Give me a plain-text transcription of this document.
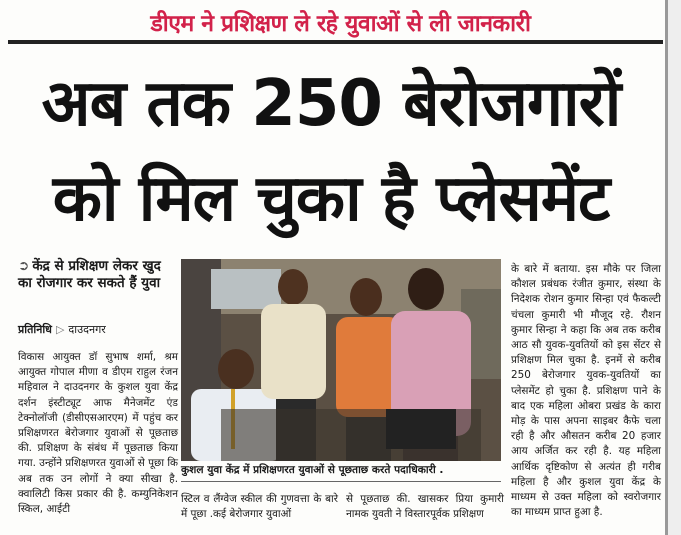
डीएम ने प्रशिक्षण ले रहे युवाओं से ली जानकारी
अब तक 250 बेरोजगारों
को मिल चुका है प्लेसमेंट
➲ केंद्र से प्रशिक्षण लेकर खुद का रोजगार कर सकते हैं युवा
प्रतिनिधि ▷ दाउदनगर
विकास आयुक्त डॉ सुभाष शर्मा, श्रम आयुक्त गोपाल मीणा व डीएम राहुल रंजन महिवाल ने दाउदनगर के कुशल युवा केंद्र दर्शन इंस्टीट्यूट आफ मैनेजमेंट एंड टेक्नोलॉजी (डीसीएसआरएम) में पहुंच कर प्रशिक्षणरत बेरोजगार युवाओं से पूछताछ की. प्रशिक्षण के संबंध में पूछताछ किया गया. उन्होंने प्रशिक्षणरत युवाओं से पूछा कि अब तक उन लोगों ने क्या सीखा है. क्वालिटी किस प्रकार की है. कम्युनिकेशन स्किल, आईटी
कुशल युवा केंद्र में प्रशिक्षणरत युवाओं से पूछताछ करते पदाधिकारी .
स्टिल व लैंग्वेज स्कील की गुणवत्ता के बारे में पूछा .कई बेरोजगार युवाओं
से पूछताछ की. खासकर प्रिया कुमारी नामक युवती ने विस्तारपूर्वक प्रशिक्षण
के बारे में बताया. इस मौके पर जिला कौशल प्रबंधक रंजीत कुमार, संस्था के निदेशक रोशन कुमार सिन्हा एवं फैकल्टी चंचला कुमारी भी मौजूद रहे. रौशन कुमार सिन्हा ने कहा कि अब तक करीब आठ सौ युवक-युवतियों को इस सेंटर से प्रशिक्षण मिल चुका है. इनमें से करीब 250 बेरोजगार युवक-युवतियों का प्लेसमेंट हो चुका है. प्रशिक्षण पाने के बाद एक महिला ओबरा प्रखंड के कारा मोड़ के पास अपना साइबर कैफे चला रही है और औसतन करीब 20 हजार आय अर्जित कर रही है. यह महिला आर्थिक दृष्टिकोण से अत्यंत ही गरीब महिला है और कुशल युवा केंद्र के माध्यम से उक्त महिला को स्वरोजगार का माध्यम प्राप्त हुआ है.
